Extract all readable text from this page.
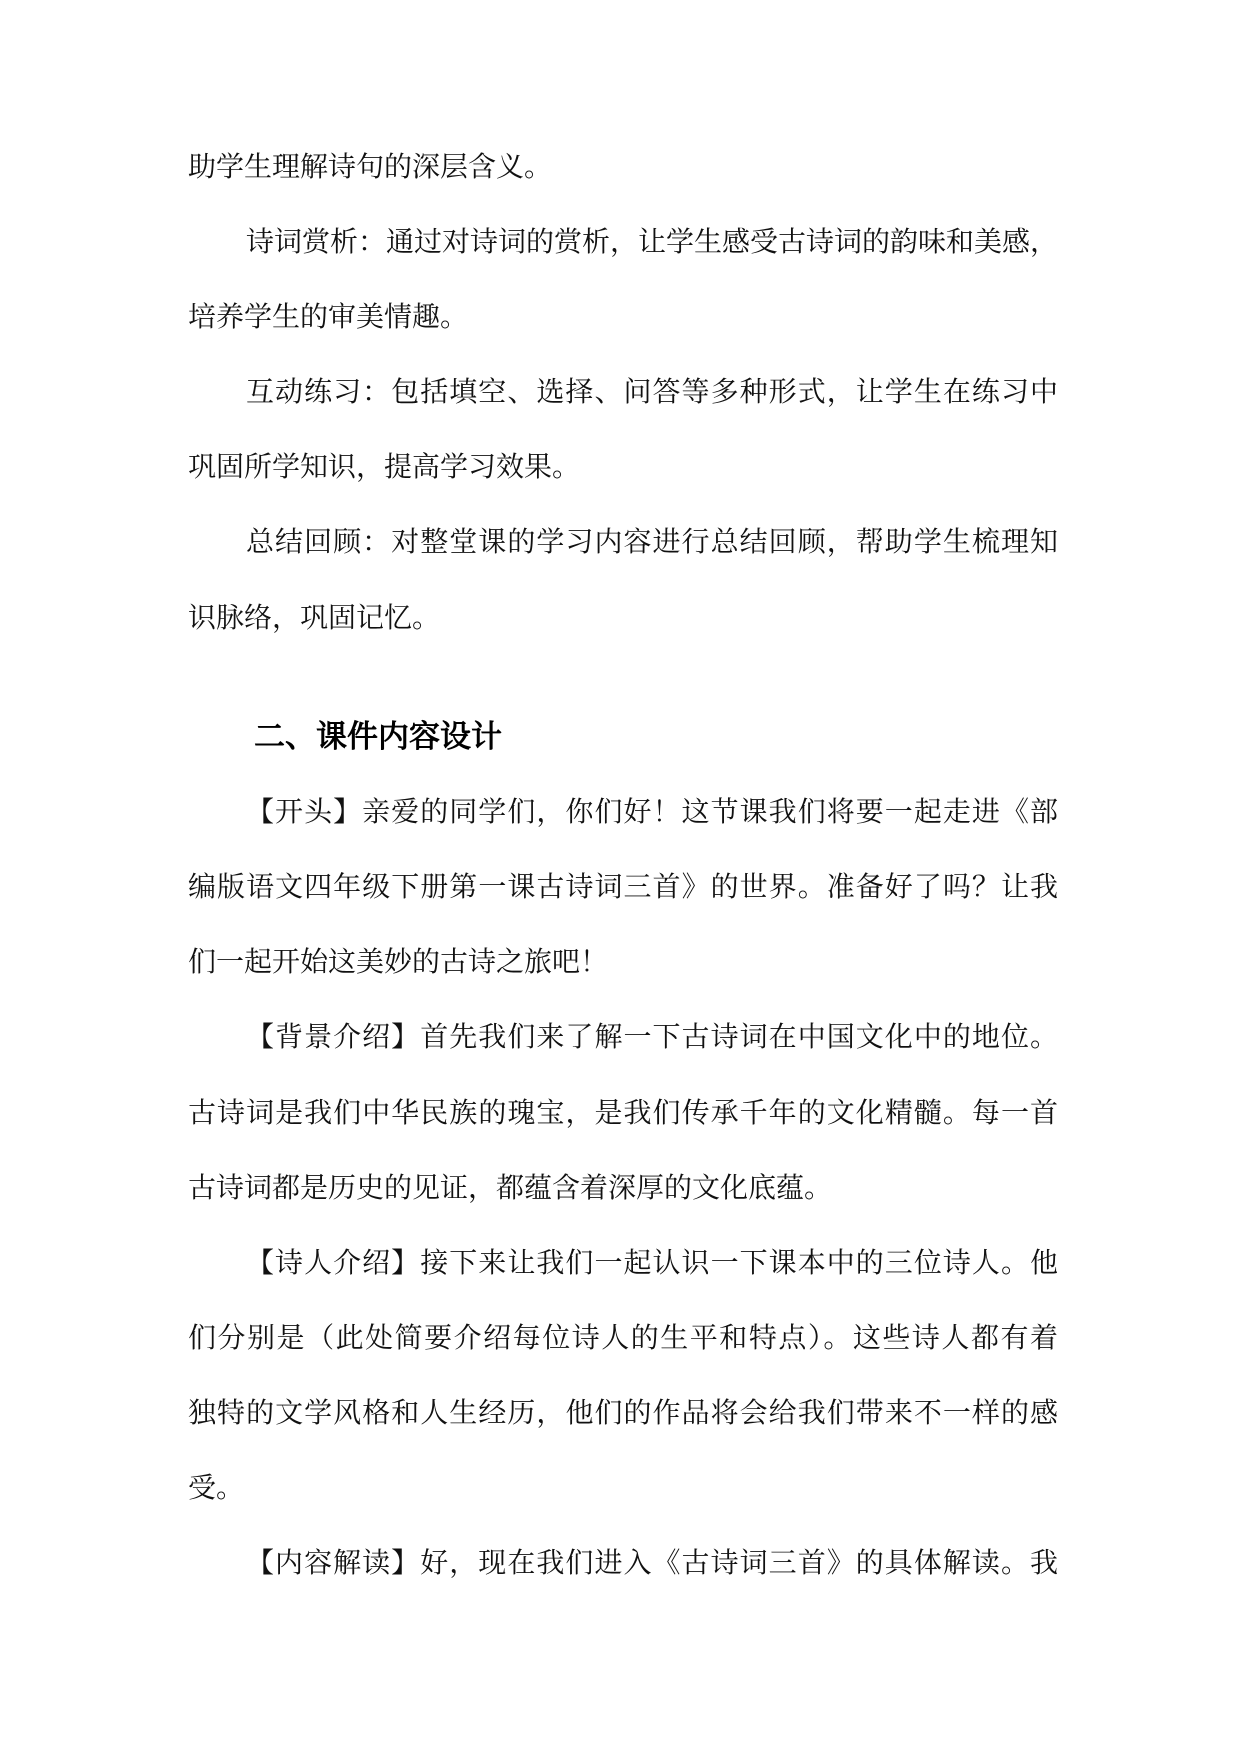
助学生理解诗句的深层含义。
诗词赏析：通过对诗词的赏析，让学生感受古诗词的韵味和美感，
培养学生的审美情趣。
互动练习：包括填空、选择、问答等多种形式，让学生在练习中
巩固所学知识，提高学习效果。
总结回顾：对整堂课的学习内容进行总结回顾，帮助学生梳理知
识脉络，巩固记忆。
二、课件内容设计
【开头】亲爱的同学们，你们好！这节课我们将要一起走进《部
编版语文四年级下册第一课古诗词三首》的世界。准备好了吗？让我
们一起开始这美妙的古诗之旅吧！
【背景介绍】首先我们来了解一下古诗词在中国文化中的地位。
古诗词是我们中华民族的瑰宝，是我们传承千年的文化精髓。每一首
古诗词都是历史的见证，都蕴含着深厚的文化底蕴。
【诗人介绍】接下来让我们一起认识一下课本中的三位诗人。他
们分别是（此处简要介绍每位诗人的生平和特点）。这些诗人都有着
独特的文学风格和人生经历，他们的作品将会给我们带来不一样的感
受。
【内容解读】好，现在我们进入《古诗词三首》的具体解读。我
